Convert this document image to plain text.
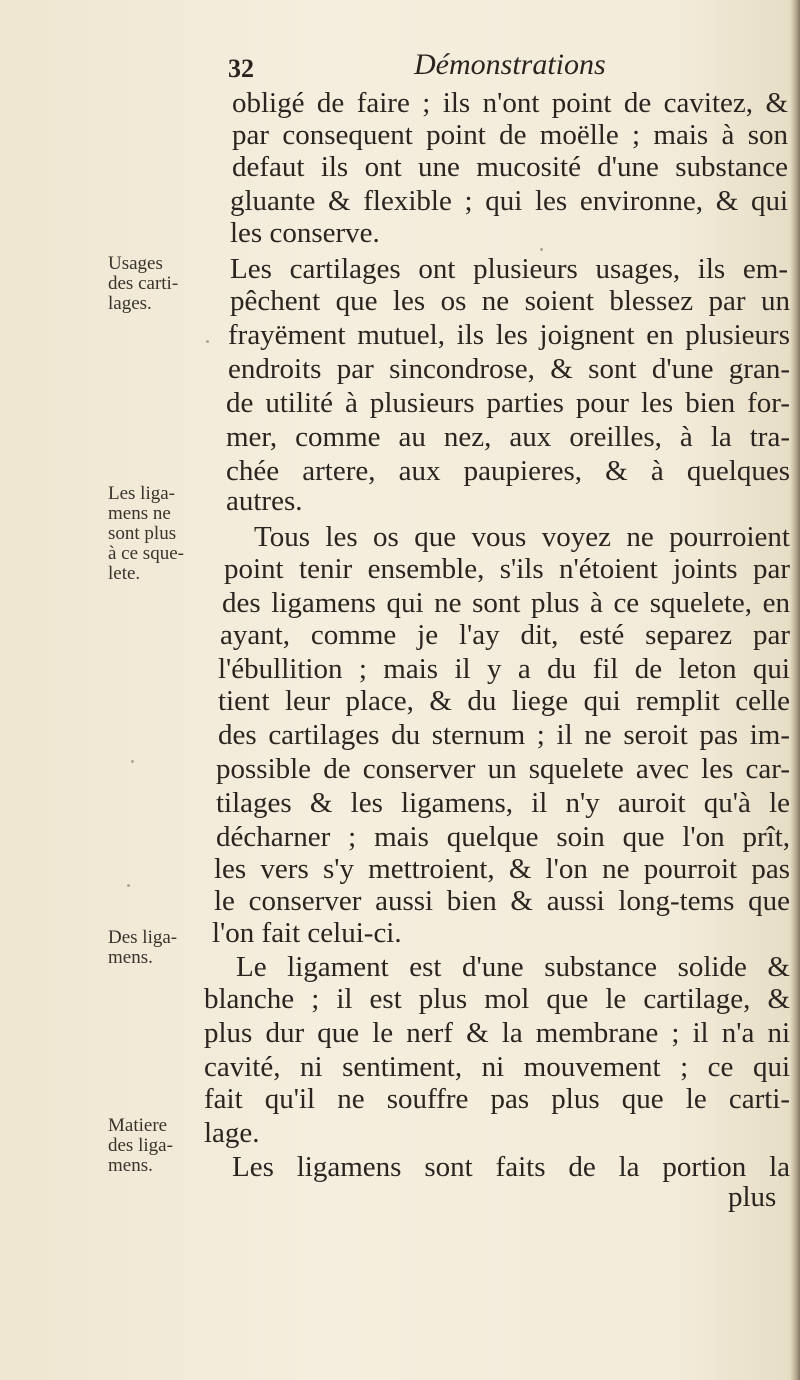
32	Démonstrations
obligé de faire ; ils n'ont point de cavitez, &
par consequent point de moëlle ; mais à son
defaut ils ont une mucosité d'une substance
gluante & flexible ; qui les environne, & qui
les conserve.
Les cartilages ont plusieurs usages, ils em-
pêchent que les os ne soient blessez par un
frayëment mutuel, ils les joignent en plusieurs
endroits par sincondrose, & sont d'une gran-
de utilité à plusieurs parties pour les bien for-
mer, comme au nez, aux oreilles, à la tra-
chée artere, aux paupieres, & à quelques
autres.
Tous les os que vous voyez ne pourroient
point tenir ensemble, s'ils n'étoient joints par
des ligamens qui ne sont plus à ce squelete, en
ayant, comme je l'ay dit, esté separez par
l'ébullition ; mais il y a du fil de leton qui
tient leur place, & du liege qui remplit celle
des cartilages du sternum ; il ne seroit pas im-
possible de conserver un squelete avec les car-
tilages & les ligamens, il n'y auroit qu'à le
décharner ; mais quelque soin que l'on prît,
les vers s'y mettroient, & l'on ne pourroit pas
le conserver aussi bien & aussi long-tems que
l'on fait celui-ci.
Le ligament est d'une substance solide &
blanche ; il est plus mol que le cartilage, &
plus dur que le nerf & la membrane ; il n'a ni
cavité, ni sentiment, ni mouvement ; ce qui
fait qu'il ne souffre pas plus que le carti-
lage.
Les ligamens sont faits de la portion la
Usages
des carti-
lages.
Les liga-
mens ne
sont plus
à ce sque-
lete.
Des liga-
mens.
Matiere
des liga-
mens.
plus
